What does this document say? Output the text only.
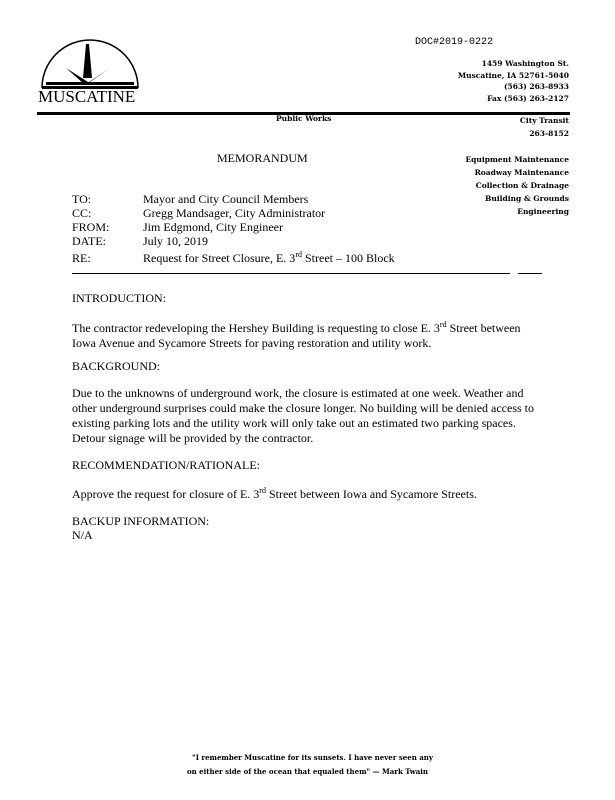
DOC#2019-0222
MUSCATINE
1459 Washington St.
Muscatine, IA 52761-5040
(563) 263-8933
Fax (563) 263-2127
Public Works	City Transit
263-8152
Equipment Maintenance
Roadway Maintenance
Collection & Drainage
Building & Grounds
Engineering
MEMORANDUM
TO:	Mayor and City Council Members
CC:	Gregg Mandsager, City Administrator
FROM:	Jim Edgmond, City Engineer
DATE:	July 10, 2019
RE:	Request for Street Closure, E. 3rd Street – 100 Block
INTRODUCTION:
The contractor redeveloping the Hershey Building is requesting to close E. 3rd Street between
Iowa Avenue and Sycamore Streets for paving restoration and utility work.
BACKGROUND:
Due to the unknowns of underground work, the closure is estimated at one week. Weather and
other underground surprises could make the closure longer. No building will be denied access to
existing parking lots and the utility work will only take out an estimated two parking spaces.
Detour signage will be provided by the contractor.
RECOMMENDATION/RATIONALE:
Approve the request for closure of E. 3rd Street between Iowa and Sycamore Streets.
BACKUP INFORMATION:
N/A
"I remember Muscatine for its sunsets. I have never seen any
on either side of the ocean that equaled them" — Mark Twain
